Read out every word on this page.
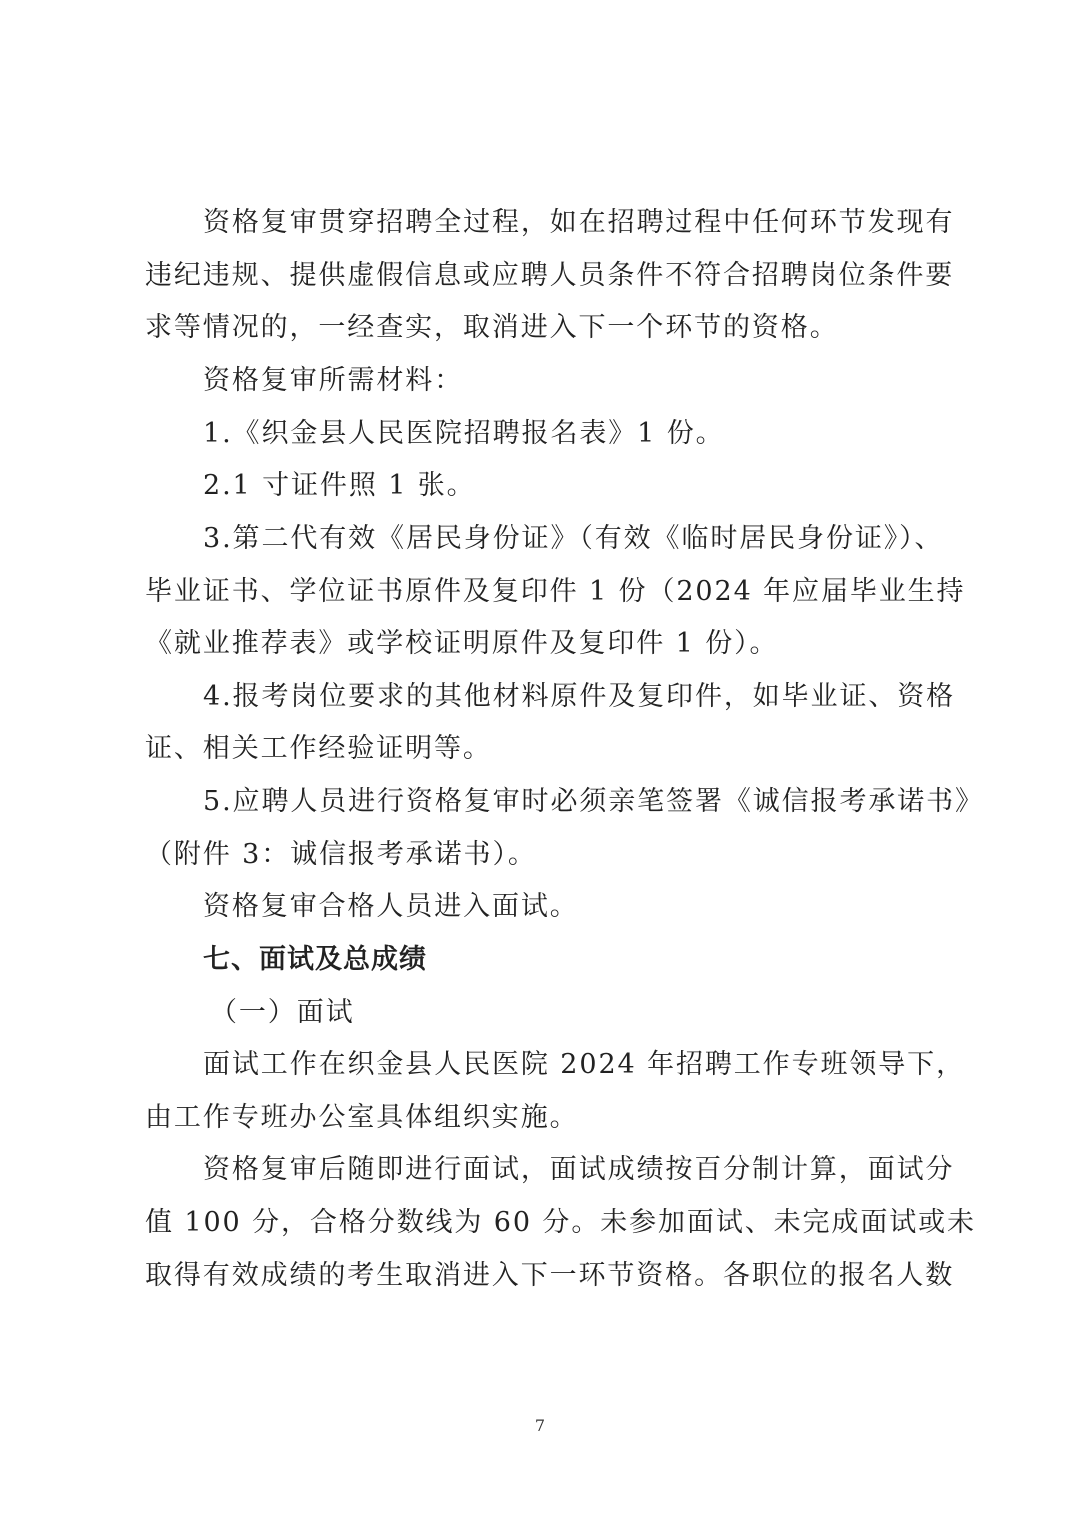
资格复审贯穿招聘全过程，如在招聘过程中任何环节发现有
违纪违规、提供虚假信息或应聘人员条件不符合招聘岗位条件要
求等情况的，一经查实，取消进入下一个环节的资格。
资格复审所需材料：
1.《织金县人民医院招聘报名表》1 份。
2.1 寸证件照 1 张。
3.第二代有效《居民身份证》（有效《临时居民身份证》）、
毕业证书、学位证书原件及复印件 1 份（2024 年应届毕业生持
《就业推荐表》或学校证明原件及复印件 1 份）。
4.报考岗位要求的其他材料原件及复印件，如毕业证、资格
证、相关工作经验证明等。
5.应聘人员进行资格复审时必须亲笔签署《诚信报考承诺书》
（附件 3：诚信报考承诺书）。
资格复审合格人员进入面试。
七、面试及总成绩
（一）面试
面试工作在织金县人民医院 2024 年招聘工作专班领导下，
由工作专班办公室具体组织实施。
资格复审后随即进行面试，面试成绩按百分制计算，面试分
值 100 分，合格分数线为 60 分。未参加面试、未完成面试或未
取得有效成绩的考生取消进入下一环节资格。各职位的报名人数
7
